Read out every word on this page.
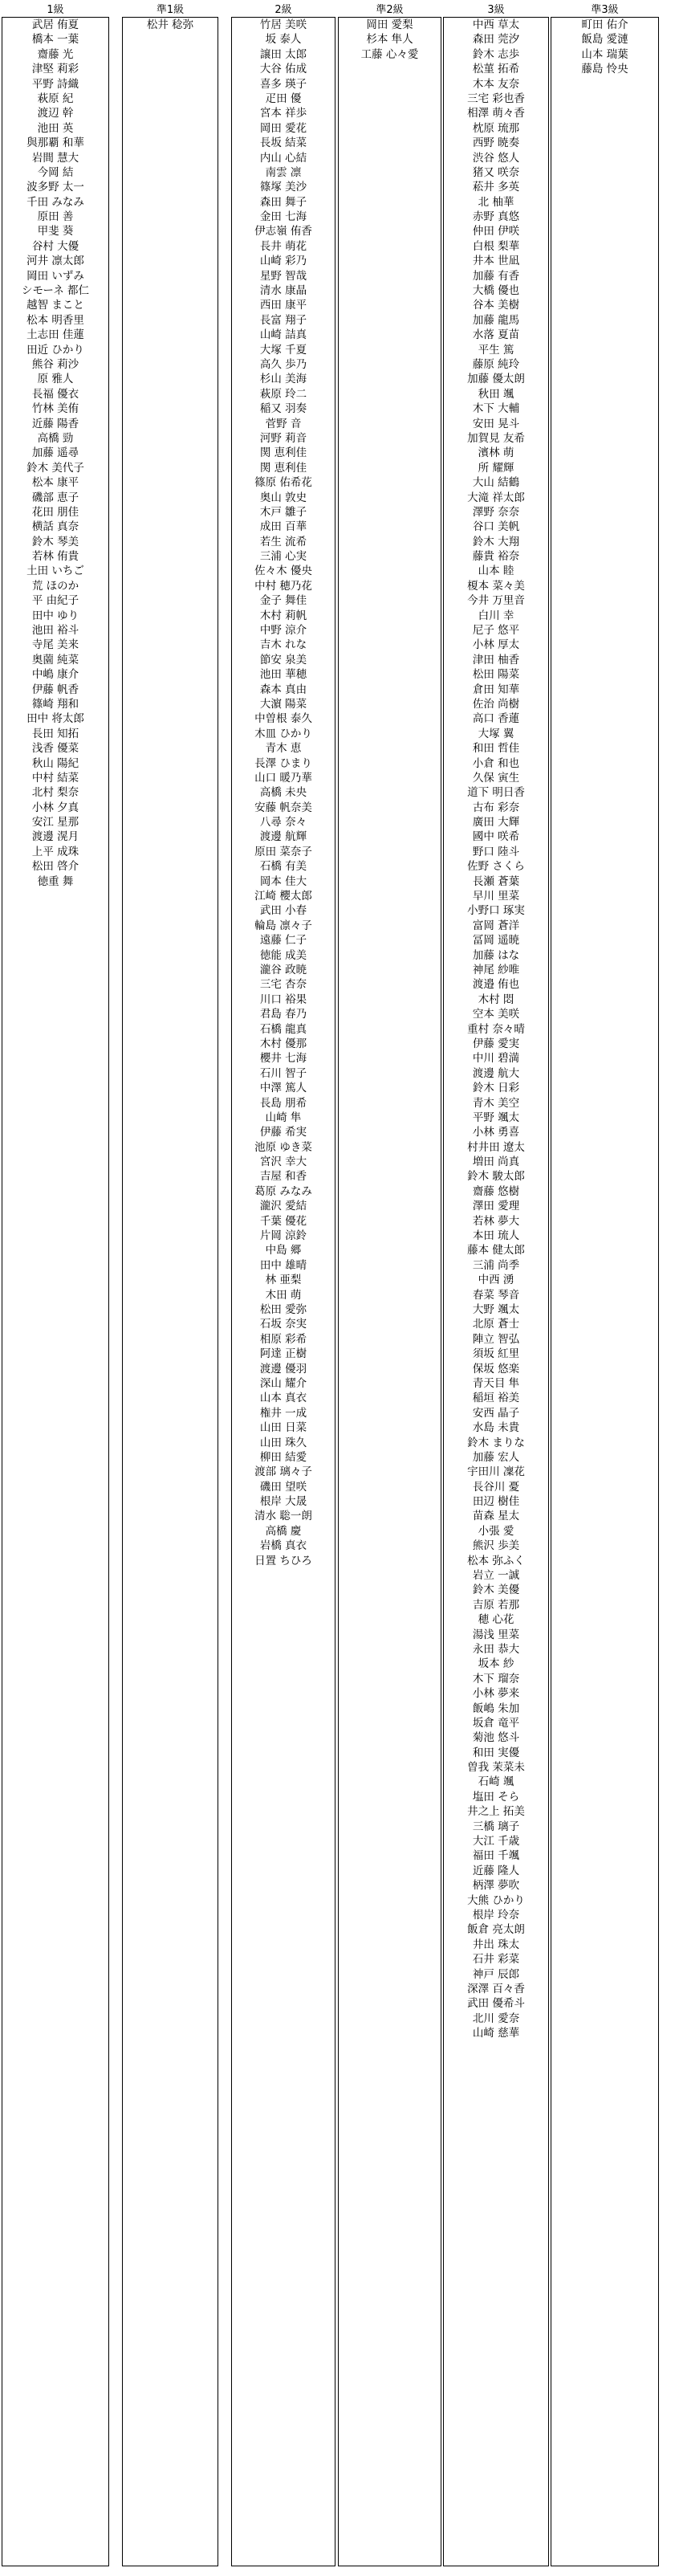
1級
武居 侑夏
橋本 一葉
齋藤 光
津堅 莉彩
平野 詩織
萩原 紀
渡辺 幹
池田 英
與那覇 和華
岩間 慧大
今岡 結
波多野 太一
千田 みなみ
原田 善
甲斐 葵
谷村 大優
河井 凛太郎
岡田 いずみ
シモーネ 都仁
越智 まこと
松本 明香里
土志田 佳蓮
田近 ひかり
熊谷 莉沙
原 雅人
長福 優衣
竹林 美侑
近藤 陽香
高橋 勁
加藤 遥尋
鈴木 美代子
松本 康平
磯部 恵子
花田 朋佳
横話 真奈
鈴木 琴美
若林 侑貴
土田 いちご
荒 ほのか
平 由紀子
田中 ゆり
池田 裕斗
寺尾 美来
奥薗 純菜
中嶋 康介
伊藤 帆香
篠崎 翔和
田中 将太郎
長田 知拓
浅香 優菜
秋山 陽紀
中村 結菜
北村 梨奈
小林 夕真
安江 星那
渡邊 滉月
上平 成珠
松田 啓介
徳重 舞
準1級
松井 稔弥
2級
竹居 美咲
坂 泰人
譲田 太郎
大谷 佑成
喜多 瑛子
疋田 優
宮本 祥歩
岡田 愛花
長坂 結菜
内山 心結
南雲 凛
篠塚 美沙
森田 舞子
金田 七海
伊志嶺 侑香
長井 萌花
山崎 彩乃
星野 智哉
清水 康晶
西田 康平
長富 翔子
山崎 詰真
大塚 千夏
高久 歩乃
杉山 美海
萩原 玲二
稲又 羽奏
菅野 音
河野 莉音
関 恵利佳
関 恵利佳
篠原 佑希花
奥山 敦史
木戸 雛子
成田 百華
若生 流希
三浦 心実
佐々木 優央
中村 穂乃花
金子 舞佳
木村 莉帆
中野 涼介
吉木 れな
節安 泉美
池田 華穂
森本 真由
大濵 陽菜
中曽根 泰久
木皿 ひかり
青木 恵
長澤 ひまり
山口 暖乃華
高橋 未央
安藤 帆奈美
八尋 奈々
渡邊 航輝
原田 菜奈子
石橋 有美
岡本 佳大
江崎 櫻太郎
武田 小春
輪島 凛々子
遠藤 仁子
徳能 成美
瀧谷 政暁
三宅 杏奈
川口 裕果
君島 春乃
石橋 龍真
木村 優那
櫻井 七海
石川 智子
中澤 篤人
長島 朋希
山崎 隼
伊藤 希実
池原 ゆき菜
宮沢 幸大
吉屋 和香
葛原 みなみ
瀧沢 愛結
千葉 優花
片岡 涼鈴
中島 郷
田中 雄晴
林 亜梨
木田 萌
松田 愛弥
石坂 奈実
相原 彩希
阿達 正樹
渡邊 優羽
深山 耀介
山本 真衣
権井 一成
山田 日菜
山田 珠久
柳田 結愛
渡部 璃々子
磯田 望咲
根岸 大晟
清水 聡一朗
高橋 慶
岩橋 真衣
日置 ちひろ
準2級
岡田 愛梨
杉本 隼人
工藤 心々愛
3級
中西 草太
森田 莞汐
鈴木 志歩
松菫 拓希
木本 友奈
三宅 彩也香
相澤 萌々香
枕原 琉那
西野 暁奏
渋谷 悠人
猪又 咲奈
菘井 多英
北 柚華
赤野 真悠
仲田 伊咲
白根 梨華
井本 世凪
加藤 有香
大橋 優也
谷本 美樹
加藤 龍馬
水落 夏苗
平生 篤
藤原 純玲
加藤 優太朗
秋田 颯
木下 大輔
安田 晃斗
加賀見 友希
濱林 萌
所 耀輝
大山 結鶴
大滝 祥太郎
澤野 奈奈
谷口 美帆
鈴木 大翔
藤貴 裕奈
山本 睦
榎本 菜々美
今井 万里音
白川 幸
尼子 悠平
小林 厚太
津田 柚香
松田 陽菜
倉田 知華
佐治 尚樹
高口 香蓮
大塚 翼
和田 哲佳
小倉 和也
久保 寅生
道下 明日香
古布 彩奈
廣田 大輝
國中 咲希
野口 陸斗
佐野 さくら
長瀬 蒼葉
早川 里菜
小野口 琢実
富岡 蒼洋
冨岡 遥暁
加藤 はな
神尾 紗唯
渡邉 侑也
木村 悶
空本 美咲
重村 奈々晴
伊藤 愛実
中川 碧満
渡邊 航大
鈴木 日彩
青木 美空
平野 颯太
小林 勇喜
村井田 遼太
増田 尚真
鈴木 駿太郎
齋藤 悠樹
澤田 愛理
若林 夢大
本田 琉人
藤本 健太郎
三浦 尚季
中西 湧
春菜 琴音
大野 颯太
北原 蒼士
陣立 智弘
須坂 紅里
保坂 悠楽
青天目 隼
稲垣 裕美
安西 晶子
水島 未貴
鈴木 まりな
加藤 宏人
宇田川 凜花
長谷川 憂
田辺 樹佳
苗森 星太
小張 愛
熊沢 歩美
松本 弥ふく
岩立 一誠
鈴木 美優
吉原 若那
穂 心花
湯浅 里菜
永田 恭大
坂本 紗
木下 瑠奈
小林 夢来
飯嶋 朱加
坂倉 竜平
菊池 悠斗
和田 実優
曽我 茉菜未
石崎 颯
塩田 そら
井之上 拓美
三橋 璃子
大江 千歳
福田 千颯
近藤 隆人
柄澤 夢吹
大熊 ひかり
根岸 玲奈
飯倉 亮太朗
井出 珠太
石井 彩菜
神戸 辰郎
深澤 百々香
武田 優希斗
北川 愛奈
山崎 慈華
準3級
町田 佑介
飯島 愛漣
山本 瑞葉
藤島 怜央
